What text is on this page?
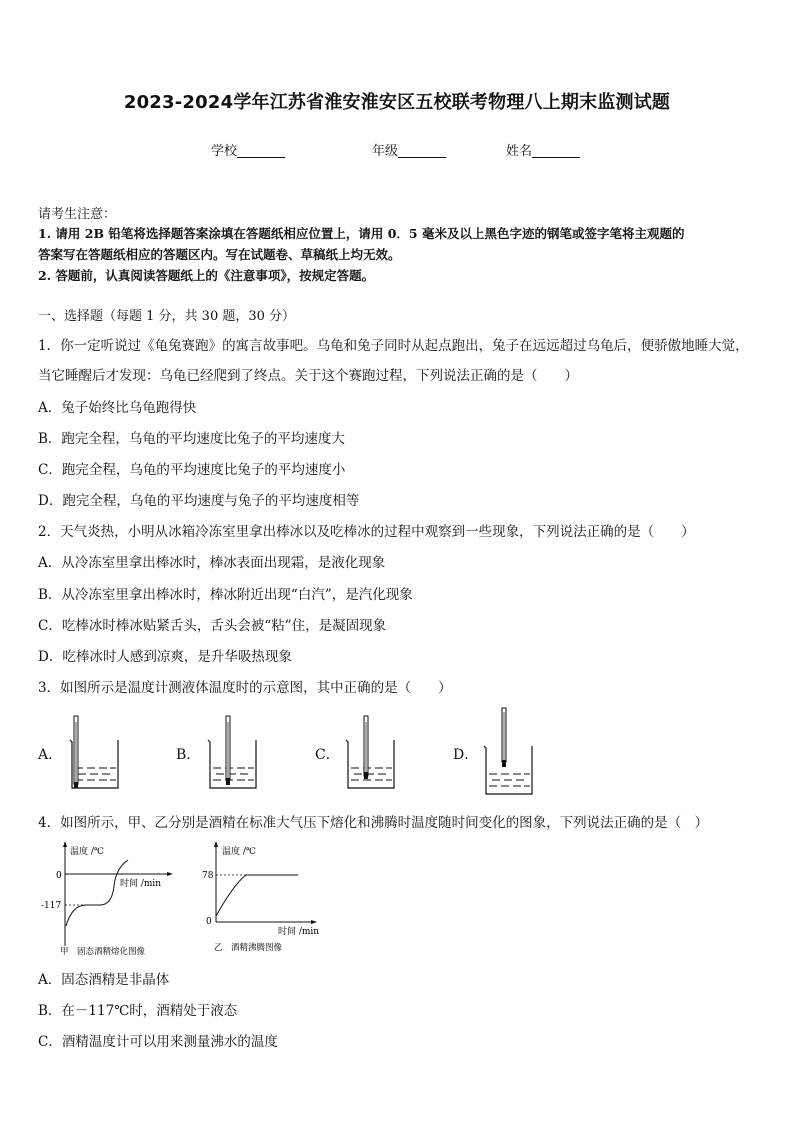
2023-2024学年江苏省淮安淮安区五校联考物理八上期末监测试题
学校	年级	姓名
请考生注意：
1. 请用 2B 铅笔将选择题答案涂填在答题纸相应位置上，请用 0．5 毫米及以上黑色字迹的钢笔或签字笔将主观题的
答案写在答题纸相应的答题区内。写在试题卷、草稿纸上均无效。
2. 答题前，认真阅读答题纸上的《注意事项》，按规定答题。
一、选择题（每题 1 分，共 30 题，30 分）
1．你一定听说过《龟兔赛跑》的寓言故事吧。乌龟和兔子同时从起点跑出，兔子在远远超过乌龟后，便骄傲地睡大觉，
当它睡醒后才发现：乌龟已经爬到了终点。关于这个赛跑过程，下列说法正确的是（　　）
A．兔子始终比乌龟跑得快
B．跑完全程，乌龟的平均速度比兔子的平均速度大
C．跑完全程，乌龟的平均速度比兔子的平均速度小
D．跑完全程，乌龟的平均速度与兔子的平均速度相等
2．天气炎热，小明从冰箱冷冻室里拿出棒冰以及吃棒冰的过程中观察到一些现象，下列说法正确的是（　　）
A．从冷冻室里拿出棒冰时，棒冰表面出现霜，是液化现象
B．从冷冻室里拿出棒冰时，棒冰附近出现“白汽”，是汽化现象
C．吃棒冰时棒冰贴紧舌头，舌头会被“粘”住，是凝固现象
D．吃棒冰时人感到凉爽，是升华吸热现象
3．如图所示是温度计测液体温度时的示意图，其中正确的是（　　）
A．	B．	C．	D．
4．如图所示，甲、乙分别是酒精在标准大气压下熔化和沸腾时温度随时间变化的图象，下列说法正确的是（　）
温度 /℃
0
-117
时间 /min
甲　固态酒精熔化图像
温度 /℃
78
0
时间 /min
乙　酒精沸腾图像
A．固态酒精是非晶体
B．在－117℃时，酒精处于液态
C．酒精温度计可以用来测量沸水的温度
